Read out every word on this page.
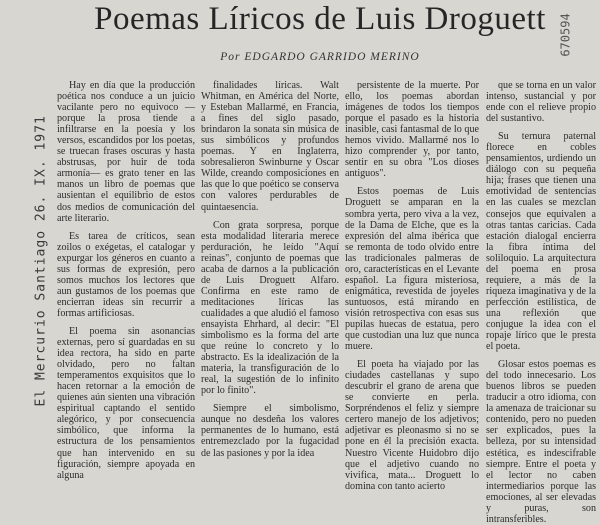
Poemas Líricos de Luis Droguett
Por EDGARDO GARRIDO MERINO
El Mercurio Santiago 26. IX. 1971
670594

Hay en día que la producción poética nos conduce a un juicio vacilante pero no equivoco —porque la prosa tiende a infiltrarse en la poesía y los versos, escandidos por los poetas, se truecan frases oscuras y hasta abstrusas, por huir de toda armonía— es grato tener en las manos un libro de poemas que ausientan el equilibrio de estos dos medios de comunicación del arte literario.

Es tarea de críticos, sean zoilos o exégetas, el catalogar y expurgar los géneros en cuanto a sus formas de expresión, pero somos muchos los lectores que aun gustamos de los poemas que encierran ideas sin recurrir a formas artificiosas.

El poema sin asonancias externas, pero sí guardadas en su idea rectora, ha sido en parte olvidado, pero no faltan temperamentos exquisitos que lo hacen retornar a la emoción de quienes aún sienten una vibración espiritual captando el sentido alegórico, y por consecuencia simbólico, que informa la estructura de los pensamientos que han intervenido en su figuración, siempre apoyada en alguna

finalidades líricas. Walt Whitman, en América del Norte, y Esteban Mallarmé, en Francia, a fines del siglo pasado, brindaron la sonata sin música de sus simbólicos y profundos poemas. Y en Inglaterra, sobresalieron Swinburne y Oscar Wilde, creando composiciones en las que lo que poético se conserva con valores perdurables de quintaesencia.

Con grata sorpresa, porque esta modalidad literaria merece perduración, he leído "Aquí reinas", conjunto de poemas que acaba de darnos a la publicación de Luis Droguett Alfaro. Confirma en este ramo de meditaciones líricas las cualidades a que aludió el famoso ensayista Ehrhard, al decir: "El simbolismo es la forma del arte que reúne lo concreto y lo abstracto. Es la idealización de la materia, la transfiguración de lo real, la sugestión de lo infinito por lo finito".

Siempre el simbolismo, aunque no desdeña los valores permanentes de lo humano, está entremezclado por la fugacidad de las pasiones y por la idea

persistente de la muerte. Por ello, los poemas abordan imágenes de todos los tiempos porque el pasado es la historia inasible, casi fantasmal de lo que hemos vivido. Mallarmé nos lo hizo comprender y, por tanto, sentir en su obra "Los dioses antiguos".

Estos poemas de Luis Droguett se amparan en la sombra yerta, pero viva a la vez, de la Dama de Elche, que es la expresión del alma ibérica que se remonta de todo olvido entre las tradicionales palmeras de oro, características en el Levante español. La figura misteriosa, enigmática, revestida de joyeles suntuosos, está mirando en visión retrospectiva con esas sus pupilas huecas de estatua, pero que custodian una luz que nunca muere.

El poeta ha viajado por las ciudades castellanas y supo descubrir el grano de arena que se convierte en perla. Sorpréndenos el feliz y siempre certero manejo de los adjetivos; adjetivar es pleonasmo si no se pone en él la precisión exacta. Nuestro Vicente Huidobro dijo que el adjetivo cuando no vivifica, mata... Droguett lo domina con tanto acierto

que se torna en un valor intenso, sustancial y por ende con el relieve propio del sustantivo.

Su ternura paternal florece en cobles pensamientos, urdiendo un diálogo con su pequeña hija; frases que tienen una emotividad de sentencias en las cuales se mezclan consejos que equivalen a otras tantas caricias. Cada estación dialogal encierra la fibra íntima del soliloquio. La arquitectura del poema en prosa requiere, a más de la riqueza imaginativa y de la perfección estilística, de una reflexión que conjugue la idea con el ropaje lírico que le presta el poeta.

Glosar estos poemas es del todo innecesario. Los buenos libros se pueden traducir a otro idioma, con la amenaza de traicionar su contenido, pero no pueden ser explicados, pues la belleza, por su intensidad estética, es indescifrable siempre. Entre el poeta y el lector no caben intermediarios porque las emociones, al ser elevadas y puras, son intransferibles.
